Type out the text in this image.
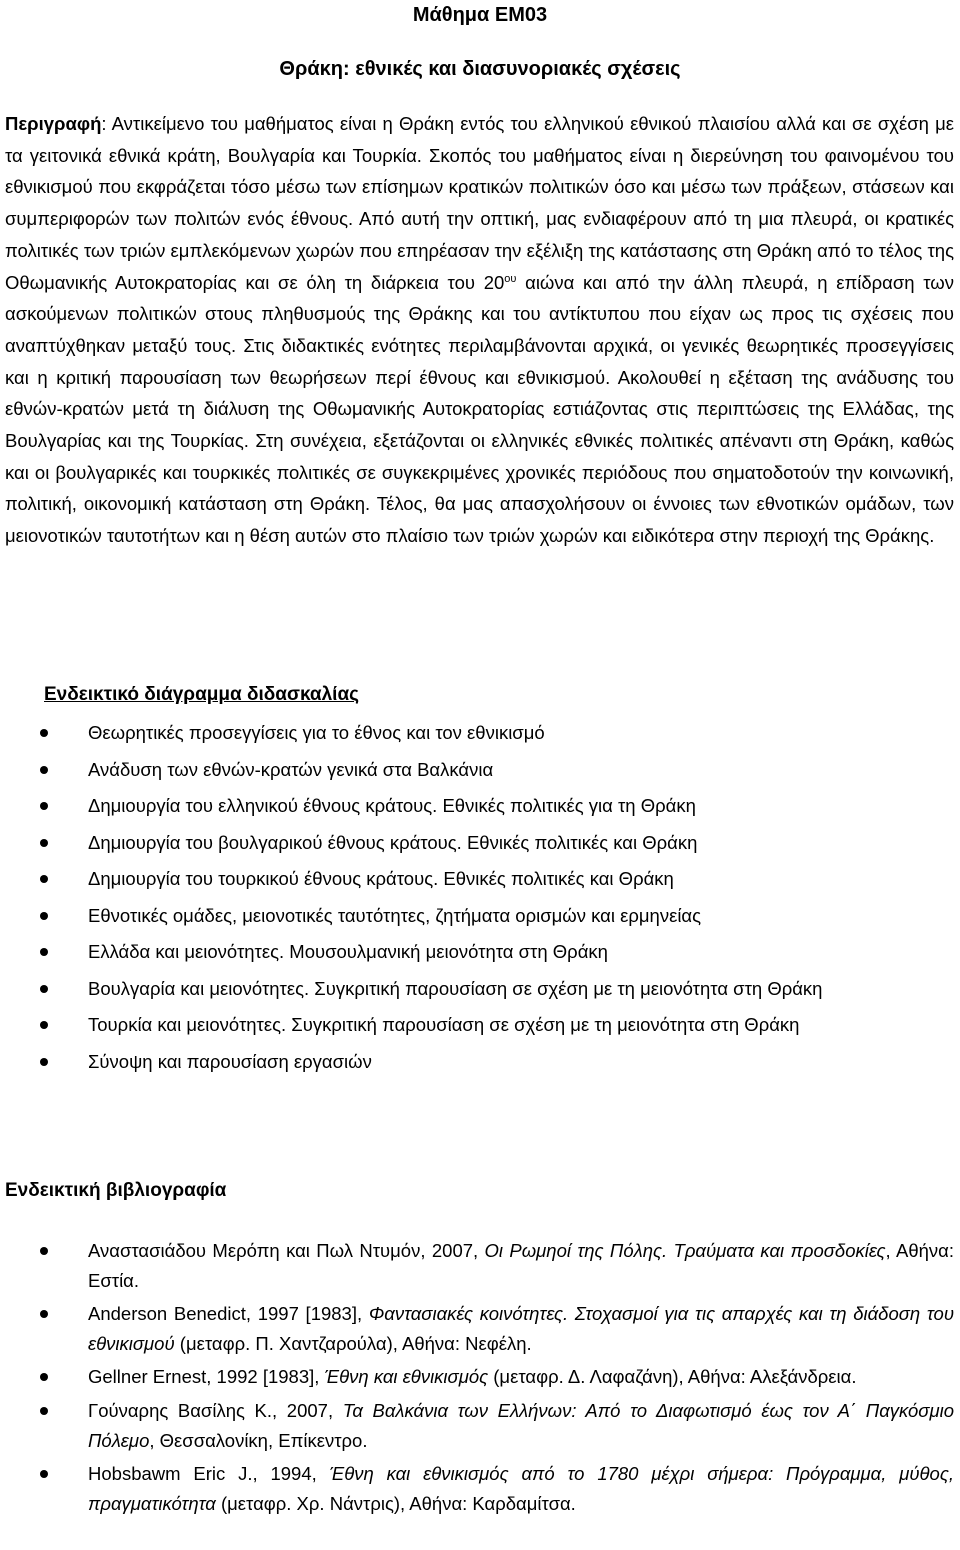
Μάθημα ΕΜ03
Θράκη: εθνικές και διασυνοριακές σχέσεις

Περιγραφή: Αντικείμενο του μαθήματος είναι η Θράκη εντός του ελληνικού εθνικού πλαισίου αλλά και σε σχέση με τα γειτονικά εθνικά κράτη, Βουλγαρία και Τουρκία. Σκοπός του μαθήματος είναι η διερεύνηση του φαινομένου του εθνικισμού που εκφράζεται τόσο μέσω των επίσημων κρατικών πολιτικών όσο και μέσω των πράξεων, στάσεων και συμπεριφορών των πολιτών ενός έθνους. Από αυτή την οπτική, μας ενδιαφέρουν από τη μια πλευρά, οι κρατικές πολιτικές των τριών εμπλεκόμενων χωρών που επηρέασαν την εξέλιξη της κατάστασης στη Θράκη από το τέλος της Οθωμανικής Αυτοκρατορίας και σε όλη τη διάρκεια του $20^{o\upsilon}$ αιώνα και από την άλλη πλευρά, η επίδραση των ασκούμενων πολιτικών στους πληθυσμούς της Θράκης και του αντίκτυπου που είχαν ως προς τις σχέσεις που αναπτύχθηκαν μεταξύ τους. Στις διδακτικές ενότητες περιλαμβάνονται αρχικά, οι γενικές θεωρητικές προσεγγίσεις και η κριτική παρουσίαση των θεωρήσεων περί έθνους και εθνικισμού. Ακολουθεί η εξέταση της ανάδυσης του εθνών-κρατών μετά τη διάλυση της Οθωμανικής Αυτοκρατορίας εστιάζοντας στις περιπτώσεις της Ελλάδας, της Βουλγαρίας και της Τουρκίας. Στη συνέχεια, εξετάζονται οι ελληνικές εθνικές πολιτικές απέναντι στη Θράκη, καθώς και οι βουλγαρικές και τουρκικές πολιτικές σε συγκεκριμένες χρονικές περιόδους που σηματοδοτούν την κοινωνική, πολιτική, οικονομική κατάσταση στη Θράκη. Τέλος, θα μας απασχολήσουν οι έννοιες των εθνοτικών ομάδων, των μειονοτικών ταυτοτήτων και η θέση αυτών στο πλαίσιο των τριών χωρών και ειδικότερα στην περιοχή της Θράκης.

Ενδεικτικό διάγραμμα διδασκαλίας
Θεωρητικές προσεγγίσεις για το έθνος και τον εθνικισμό
Ανάδυση των εθνών-κρατών γενικά στα Βαλκάνια
Δημιουργία του ελληνικού έθνους κράτους. Εθνικές πολιτικές για τη Θράκη
Δημιουργία του βουλγαρικού έθνους κράτους. Εθνικές πολιτικές και Θράκη
Δημιουργία του τουρκικού έθνους κράτους. Εθνικές πολιτικές και Θράκη
Εθνοτικές ομάδες, μειονοτικές ταυτότητες, ζητήματα ορισμών και ερμηνείας
Ελλάδα και μειονότητες. Μουσουλμανική μειονότητα στη Θράκη
Βουλγαρία και μειονότητες. Συγκριτική παρουσίαση σε σχέση με τη μειονότητα στη Θράκη
Τουρκία και μειονότητες. Συγκριτική παρουσίαση σε σχέση με τη μειονότητα στη Θράκη
Σύνοψη και παρουσίαση εργασιών
Ενδεικτική βιβλιογραφία
Αναστασιάδου Μερόπη και Πωλ Ντυμόν, 2007, Οι Ρωμηοί της Πόλης. Τραύματα και προσδοκίες, Αθήνα: Εστία.
Anderson Benedict, 1997 [1983], Φαντασιακές κοινότητες. Στοχασμοί για τις απαρχές και τη διάδοση του εθνικισμού (μεταφρ. Π. Χαντζαρούλα), Αθήνα: Νεφέλη.
Gellner Ernest, 1992 [1983], Έθνη και εθνικισμός (μεταφρ. Δ. Λαφαζάνη), Αθήνα: Αλεξάνδρεια.
Γούναρης Βασίλης Κ., 2007, Τα Βαλκάνια των Ελλήνων: Από το Διαφωτισμό έως τον Α΄ Παγκόσμιο Πόλεμο, Θεσσαλονίκη, Επίκεντρο.
Hobsbawm Eric J., 1994, Έθνη και εθνικισμός από το 1780 μέχρι σήμερα: Πρόγραμμα, μύθος, πραγματικότητα (μεταφρ. Χρ. Νάντρις), Αθήνα: Καρδαμίτσα.
